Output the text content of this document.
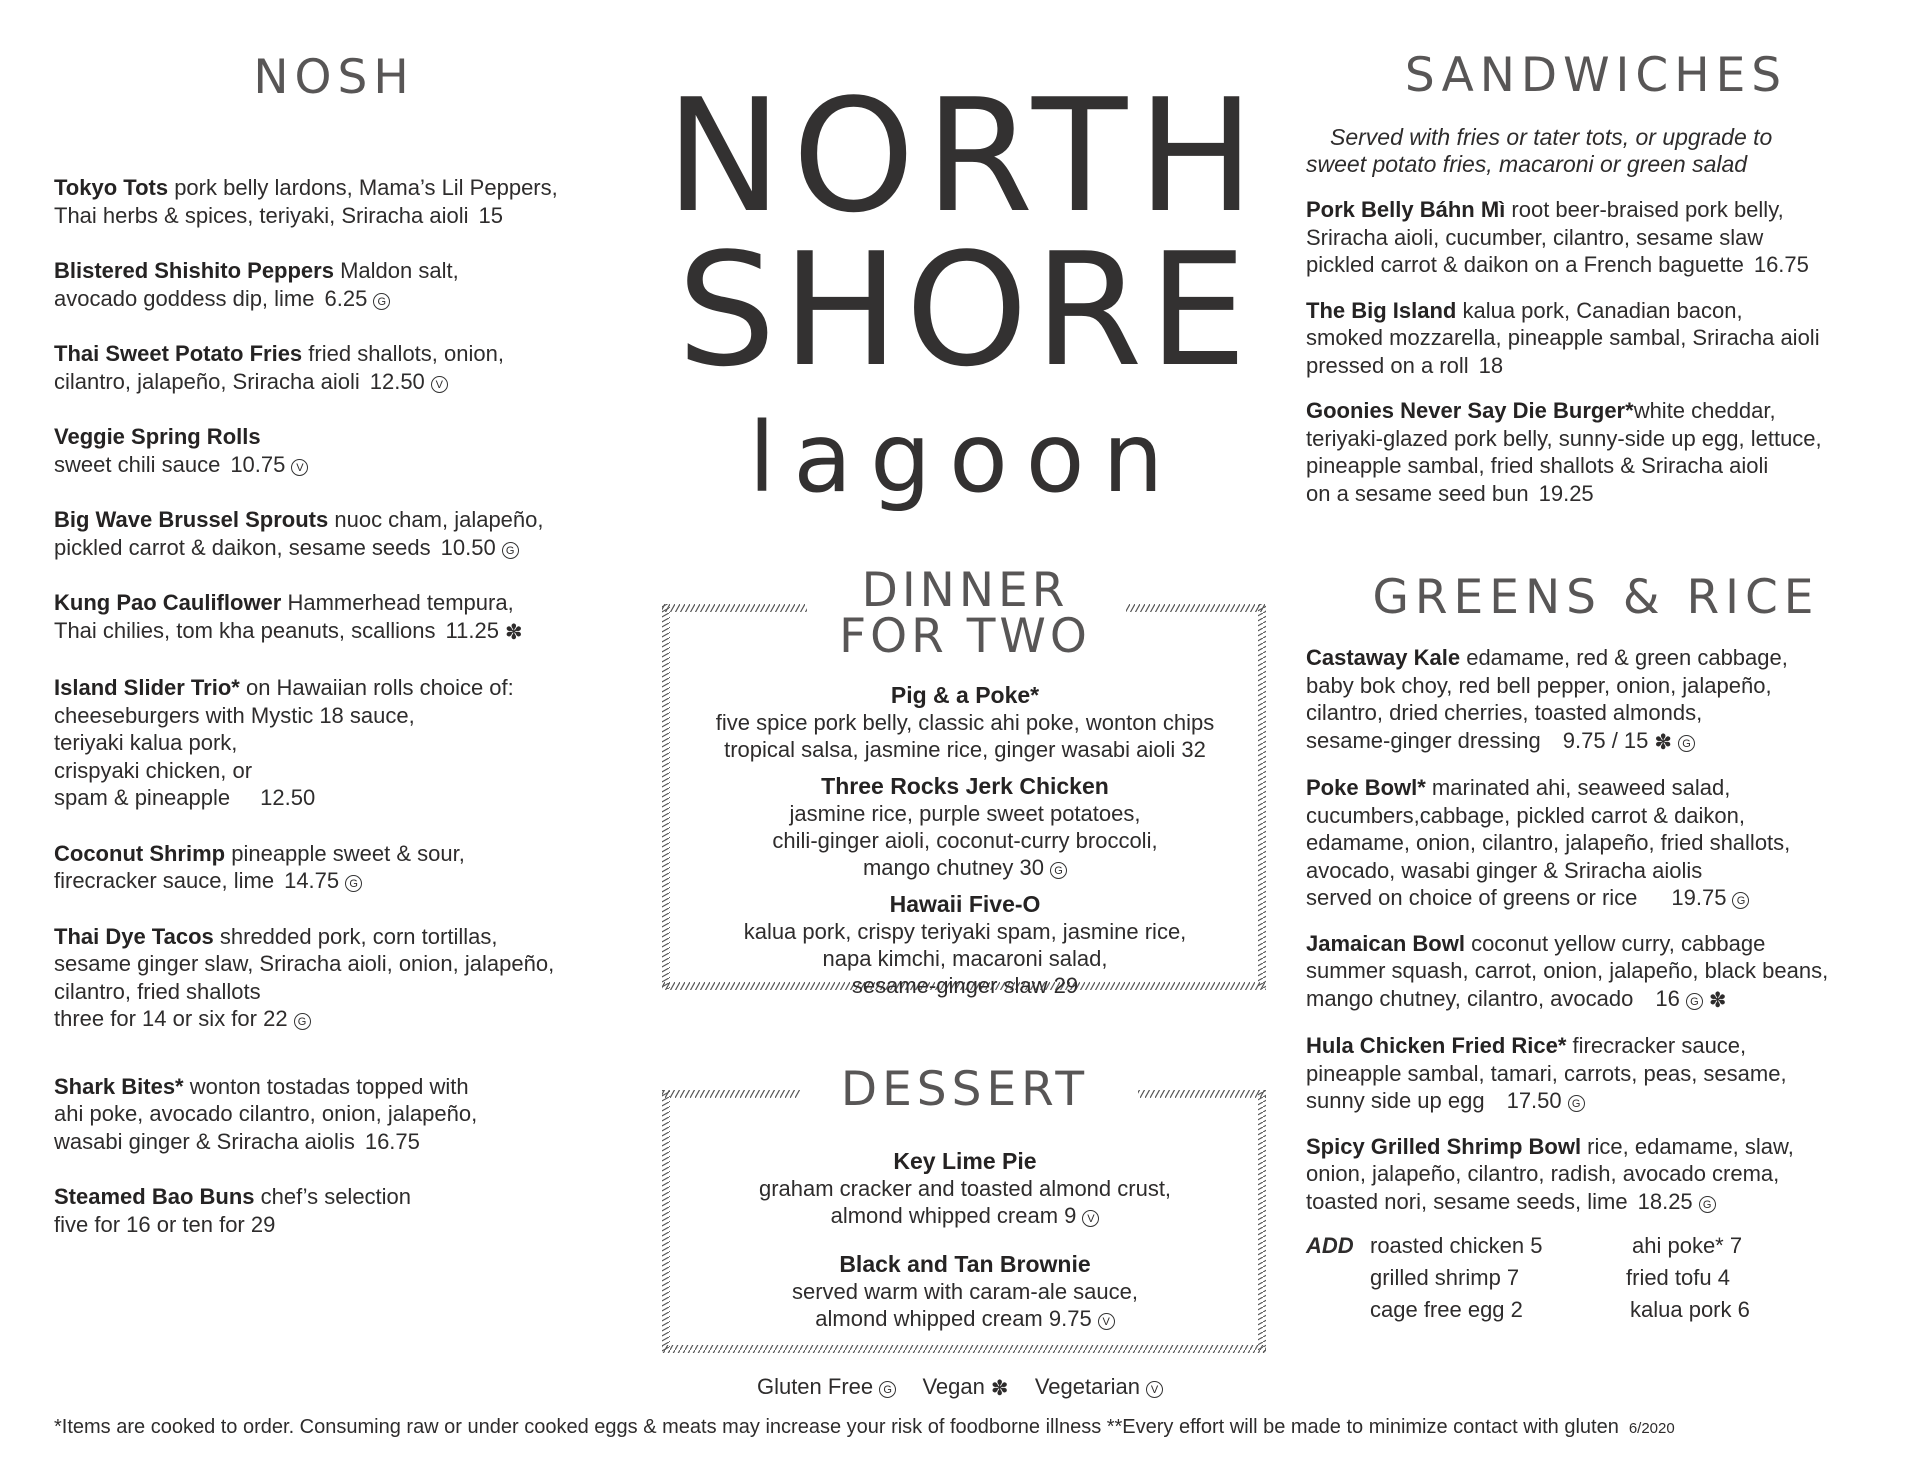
NOSH

Tokyo Tots pork belly lardons, Mama’s Lil Peppers,
Thai herbs & spices, teriyaki, Sriracha aioli 15

Blistered Shishito Peppers Maldon salt,
avocado goddess dip, lime 6.25 G

Thai Sweet Potato Fries fried shallots, onion,
cilantro, jalapeño, Sriracha aioli 12.50 V

Veggie Spring Rolls
sweet chili sauce 10.75 V

Big Wave Brussel Sprouts nuoc cham, jalapeño,
pickled carrot & daikon, sesame seeds 10.50 G

Kung Pao Cauliflower Hammerhead tempura,
Thai chilies, tom kha peanuts, scallions 11.25 ✽

Island Slider Trio* on Hawaiian rolls choice of:
cheeseburgers with Mystic 18 sauce,
teriyaki kalua pork,
crispyaki chicken, or
spam & pineapple 12.50

Coconut Shrimp pineapple sweet & sour,
firecracker sauce, lime 14.75 G

Thai Dye Tacos shredded pork, corn tortillas,
sesame ginger slaw, Sriracha aioli, onion, jalapeño,
cilantro, fried shallots
three for 14 or six for 22 G

Shark Bites* wonton tostadas topped with
ahi poke, avocado cilantro, onion, jalapeño,
wasabi ginger & Sriracha aiolis 16.75

Steamed Bao Buns chef’s selection
five for 16 or ten for 29

NORTH
SHORE
lagoon
DINNER
FOR TWO

Pig & a Poke*
five spice pork belly, classic ahi poke, wonton chips
tropical salsa, jasmine rice, ginger wasabi aioli 32

Three Rocks Jerk Chicken
jasmine rice, purple sweet potatoes,
chili-ginger aioli, coconut-curry broccoli,
mango chutney 30 G

Hawaii Five-O
kalua pork, crispy teriyaki spam, jasmine rice,
napa kimchi, macaroni salad,
sesame-ginger slaw 29

DESSERT

Key Lime Pie
graham cracker and toasted almond crust,
almond whipped cream 9 V

Black and Tan Brownie
served warm with caram-ale sauce,
almond whipped cream 9.75 V

SANDWICHES
Served with fries or tater tots, or upgrade to
sweet potato fries, macaroni or green salad

Pork Belly Báhn Mì root beer-braised pork belly,
Sriracha aioli, cucumber, cilantro, sesame slaw
pickled carrot & daikon on a French baguette 16.75

The Big Island kalua pork, Canadian bacon,
smoked mozzarella, pineapple sambal, Sriracha aioli
pressed on a roll 18

Goonies Never Say Die Burger*white cheddar,
teriyaki-glazed pork belly, sunny-side up egg, lettuce,
pineapple sambal, fried shallots & Sriracha aioli
on a sesame seed bun 19.25

GREENS & RICE

Castaway Kale edamame, red & green cabbage,
baby bok choy, red bell pepper, onion, jalapeño,
cilantro, dried cherries, toasted almonds,
sesame-ginger dressing 9.75 / 15 ✽ G

Poke Bowl* marinated ahi, seaweed salad,
cucumbers,cabbage, pickled carrot & daikon,
edamame, onion, cilantro, jalapeño, fried shallots,
avocado, wasabi ginger & Sriracha aiolis
served on choice of greens or rice 19.75 G

Jamaican Bowl coconut yellow curry, cabbage
summer squash, carrot, onion, jalapeño, black beans,
mango chutney, cilantro, avocado 16 G ✽

Hula Chicken Fried Rice* firecracker sauce,
pineapple sambal, tamari, carrots, peas, sesame,
sunny side up egg 17.50 G

Spicy Grilled Shrimp Bowl rice, edamame, slaw,
onion, jalapeño, cilantro, radish, avocado crema,
toasted nori, sesame seeds, lime 18.25 G

ADD roasted chicken 5
grilled shrimp 7
cage free egg 2
ahi poke* 7
fried tofu 4
kalua pork 6
Gluten Free G Vegan ✽ Vegetarian V
*Items are cooked to order. Consuming raw or under cooked eggs & meats may increase your risk of foodborne illness **Every effort will be made to minimize contact with gluten 6/2020
